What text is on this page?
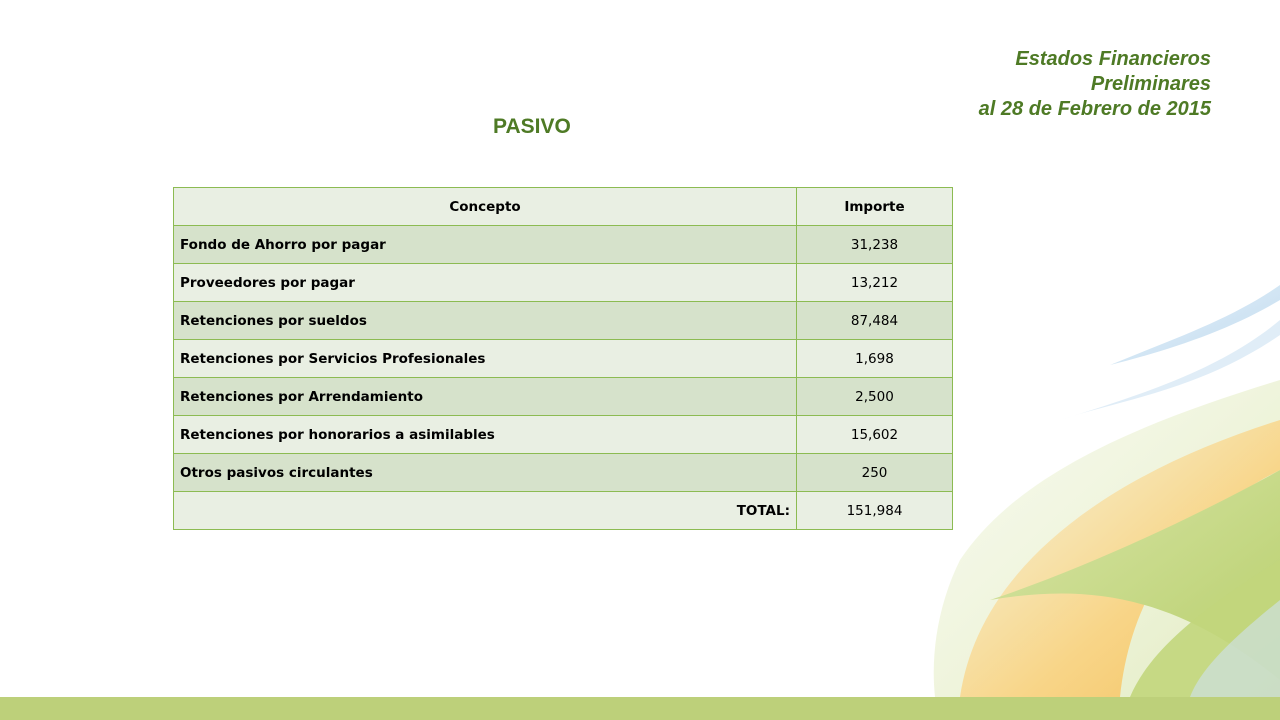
Estados Financieros
Preliminares
al 28 de Febrero de 2015
PASIVO
Concepto	Importe
Fondo de Ahorro por pagar	31,238
Proveedores por pagar	13,212
Retenciones por sueldos	87,484
Retenciones por Servicios Profesionales	1,698
Retenciones por Arrendamiento	2,500
Retenciones por honorarios a asimilables	15,602
Otros pasivos circulantes	250
TOTAL:	151,984
